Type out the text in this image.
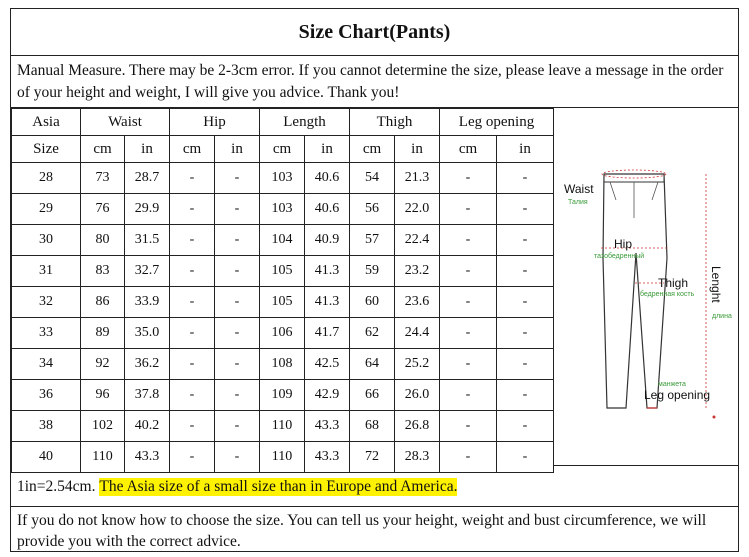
Size Chart(Pants)
Manual Measure. There may be 2-3cm error. If you cannot determine the size, please leave a message in the order of your height and weight, I will give you advice. Thank you!
Asia	Waist		Hip		Length		Thigh		Leg opening	
Size	cm	in	cm	in	cm	in	cm	in	cm	in
28	73	28.7	-	-	103	40.6	54	21.3	-	-
29	76	29.9	-	-	103	40.6	56	22.0	-	-
30	80	31.5	-	-	104	40.9	57	22.4	-	-
31	83	32.7	-	-	105	41.3	59	23.2	-	-
32	86	33.9	-	-	105	41.3	60	23.6	-	-
33	89	35.0	-	-	106	41.7	62	24.4	-	-
34	92	36.2	-	-	108	42.5	64	25.2	-	-
36	96	37.8	-	-	109	42.9	66	26.0	-	-
38	102	40.2	-	-	110	43.3	68	26.8	-	-
40	110	43.3	-	-	110	43.3	72	28.3	-	-
Waist
Талия
Hip
тазобедренный
Thigh
бедренная кость Lenght
длина
манжета
Leg opening
1in=2.54cm. The Asia size of a small size than in Europe and America.
If you do not know how to choose the size. You can tell us your height, weight and bust circumference, we will provide you with the correct advice.
